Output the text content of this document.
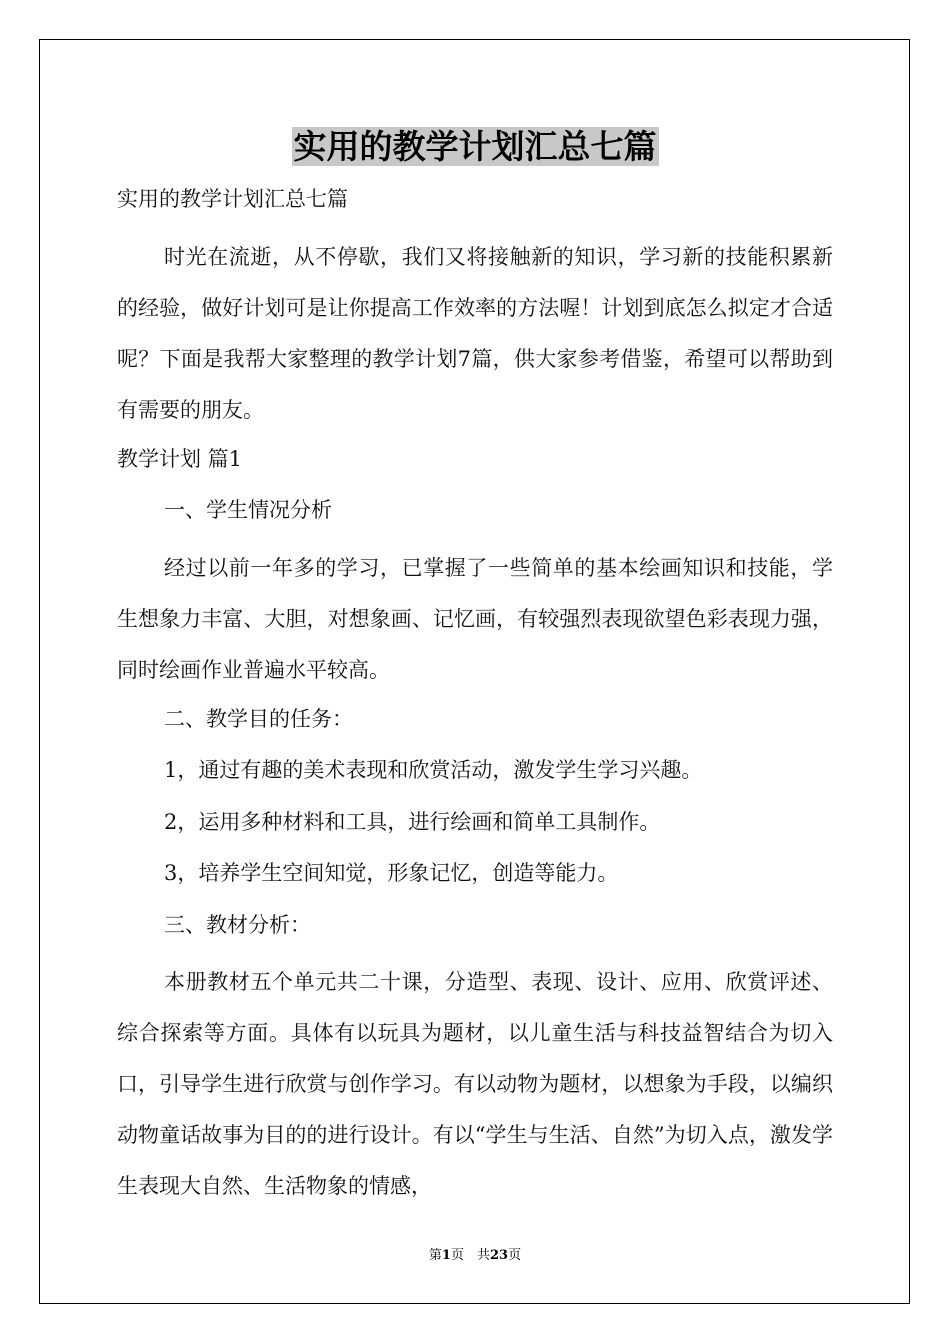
实用的教学计划汇总七篇

实用的教学计划汇总七篇

时光在流逝，从不停歇，我们又将接触新的知识，学习新的技能积累新的经验，做好计划可是让你提高工作效率的方法喔！计划到底怎么拟定才合适呢？下面是我帮大家整理的教学计划7篇，供大家参考借鉴，希望可以帮助到有需要的朋友。

教学计划 篇1

一、学生情况分析

经过以前一年多的学习，已掌握了一些简单的基本绘画知识和技能，学生想象力丰富、大胆，对想象画、记忆画，有较强烈表现欲望色彩表现力强，同时绘画作业普遍水平较高。

二、教学目的任务：

1，通过有趣的美术表现和欣赏活动，激发学生学习兴趣。

2，运用多种材料和工具，进行绘画和简单工具制作。

3，培养学生空间知觉，形象记忆，创造等能力。

三、教材分析：

本册教材五个单元共二十课，分造型、表现、设计、应用、欣赏评述、综合探索等方面。具体有以玩具为题材，以儿童生活与科技益智结合为切入口，引导学生进行欣赏与创作学习。有以动物为题材，以想象为手段，以编织动物童话故事为目的的进行设计。有以“学生与生活、自然”为切入点，激发学生表现大自然、生活物象的情感，

第1页　共23页
